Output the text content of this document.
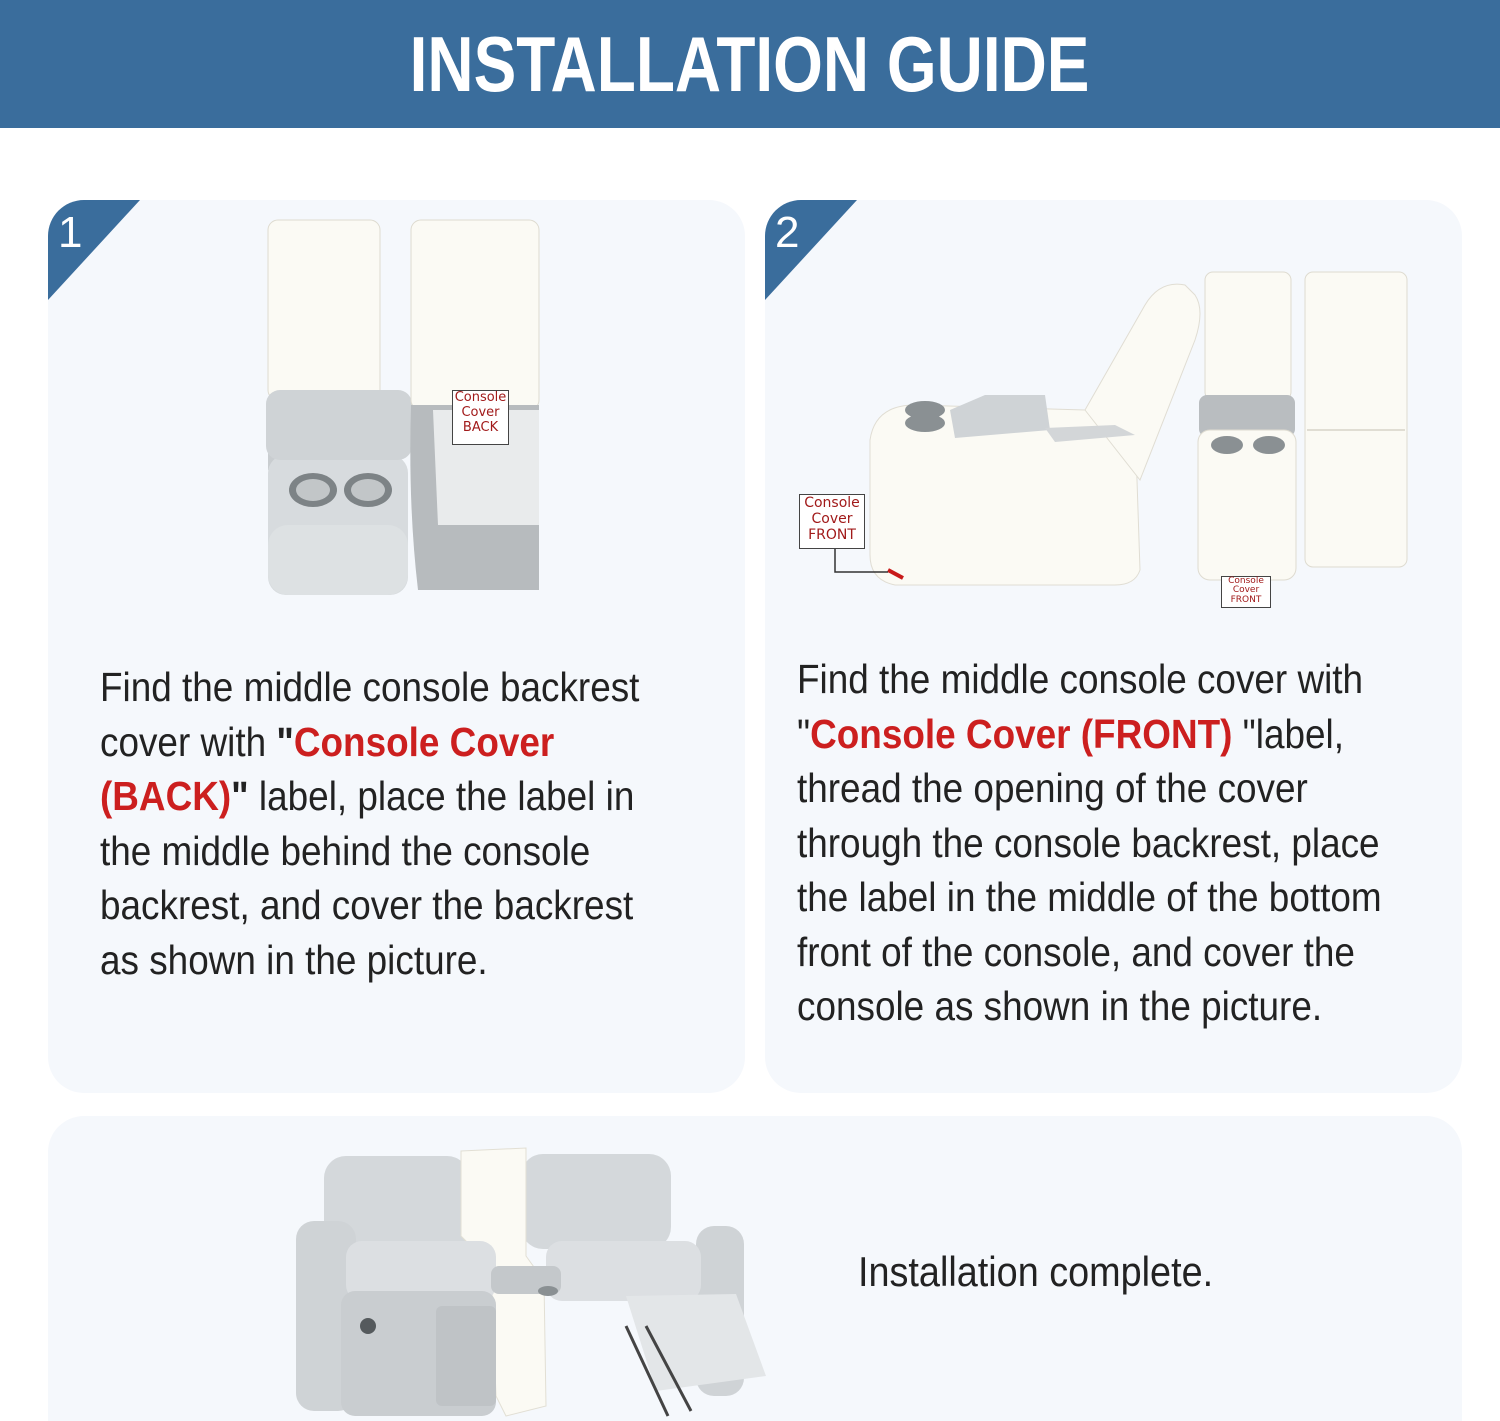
INSTALLATION GUIDE
1
Console
Cover
BACK
Find the middle console backrest
cover with "Console Cover
(BACK)" label, place the label in
the middle behind the console
backrest, and cover the backrest
as shown in the picture.
2
Console
Cover
FRONT
Console
Cover
FRONT
Find the middle console cover with
"Console Cover (FRONT) "label,
thread the opening of the cover
through the console backrest, place
the label in the middle of the bottom
front of the console, and cover the
console as shown in the picture.
Installation complete.
